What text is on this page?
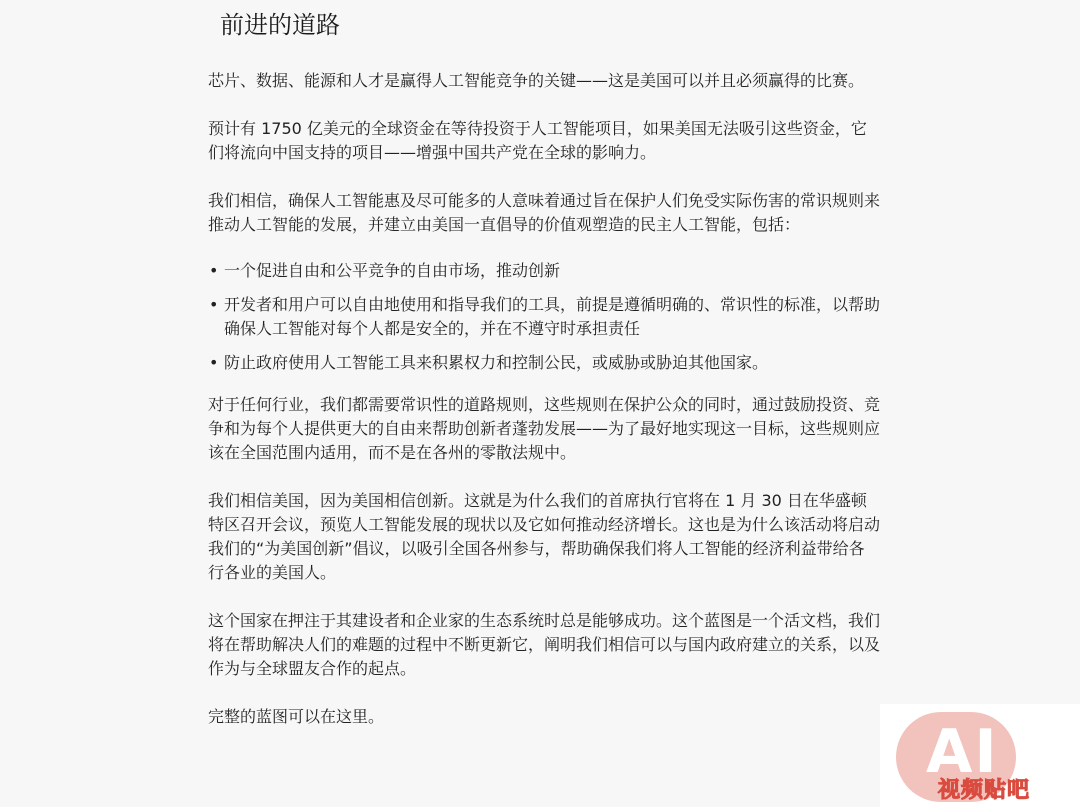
前进的道路

芯片、数据、能源和人才是赢得人工智能竞争的关键——这是美国可以并且必须赢得的比赛。

预计有 1750 亿美元的全球资金在等待投资于人工智能项目，如果美国无法吸引这些资金，它们将流向中国支持的项目——增强中国共产党在全球的影响力。

我们相信，确保人工智能惠及尽可能多的人意味着通过旨在保护人们免受实际伤害的常识规则来推动人工智能的发展，并建立由美国一直倡导的价值观塑造的民主人工智能，包括：

• 一个促进自由和公平竞争的自由市场，推动创新
• 开发者和用户可以自由地使用和指导我们的工具，前提是遵循明确的、常识性的标准，以帮助确保人工智能对每个人都是安全的，并在不遵守时承担责任
• 防止政府使用人工智能工具来积累权力和控制公民，或威胁或胁迫其他国家。

对于任何行业，我们都需要常识性的道路规则，这些规则在保护公众的同时，通过鼓励投资、竞争和为每个人提供更大的自由来帮助创新者蓬勃发展——为了最好地实现这一目标，这些规则应该在全国范围内适用，而不是在各州的零散法规中。

我们相信美国，因为美国相信创新。这就是为什么我们的首席执行官将在 1 月 30 日在华盛顿特区召开会议，预览人工智能发展的现状以及它如何推动经济增长。这也是为什么该活动将启动我们的“为美国创新”倡议，以吸引全国各州参与，帮助确保我们将人工智能的经济利益带给各行各业的美国人。

这个国家在押注于其建设者和企业家的生态系统时总是能够成功。这个蓝图是一个活文档，我们将在帮助解决人们的难题的过程中不断更新它，阐明我们相信可以与国内政府建立的关系，以及作为与全球盟友合作的起点。

完整的蓝图可以在这里。

AI
视频贴吧
